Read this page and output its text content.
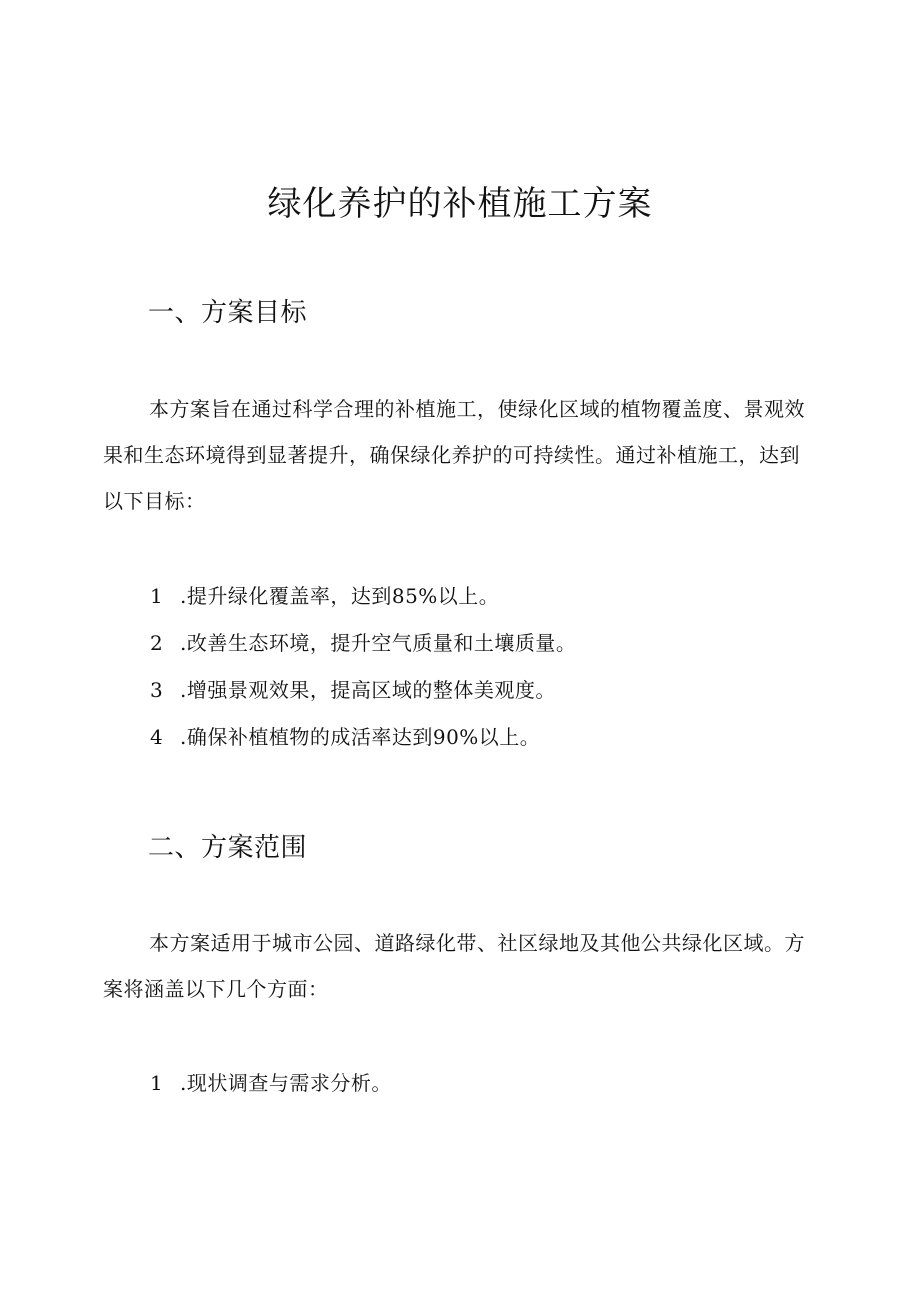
绿化养护的补植施工方案
一、方案目标

本方案旨在通过科学合理的补植施工，使绿化区域的植物覆盖度、景观效果和生态环境得到显著提升，确保绿化养护的可持续性。通过补植施工，达到以下目标：

1 .提升绿化覆盖率，达到85%以上。
2 .改善生态环境，提升空气质量和土壤质量。
3 .增强景观效果，提高区域的整体美观度。
4 .确保补植植物的成活率达到90%以上。
二、方案范围

本方案适用于城市公园、道路绿化带、社区绿地及其他公共绿化区域。方案将涵盖以下几个方面：

1 .现状调查与需求分析。
